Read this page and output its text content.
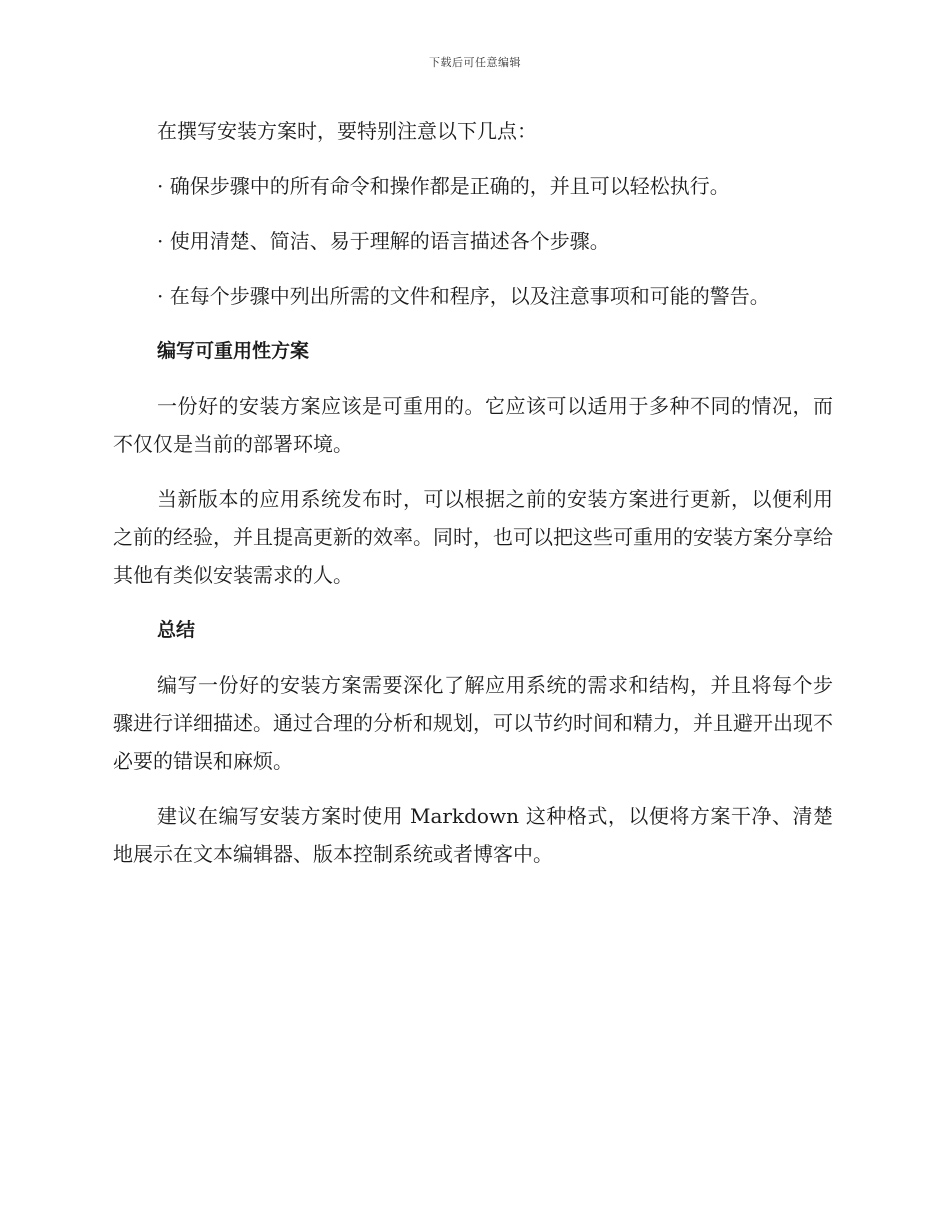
下载后可任意编辑

在撰写安装方案时，要特别注意以下几点：

· 确保步骤中的所有命令和操作都是正确的，并且可以轻松执行。
· 使用清楚、简洁、易于理解的语言描述各个步骤。
· 在每个步骤中列出所需的文件和程序，以及注意事项和可能的警告。
编写可重用性方案

一份好的安装方案应该是可重用的。它应该可以适用于多种不同的情况，而不仅仅是当前的部署环境。

当新版本的应用系统发布时，可以根据之前的安装方案进行更新，以便利用之前的经验，并且提高更新的效率。同时，也可以把这些可重用的安装方案分享给其他有类似安装需求的人。

总结

编写一份好的安装方案需要深化了解应用系统的需求和结构，并且将每个步骤进行详细描述。通过合理的分析和规划，可以节约时间和精力，并且避开出现不必要的错误和麻烦。

建议在编写安装方案时使用 Markdown 这种格式，以便将方案干净、清楚地展示在文本编辑器、版本控制系统或者博客中。
